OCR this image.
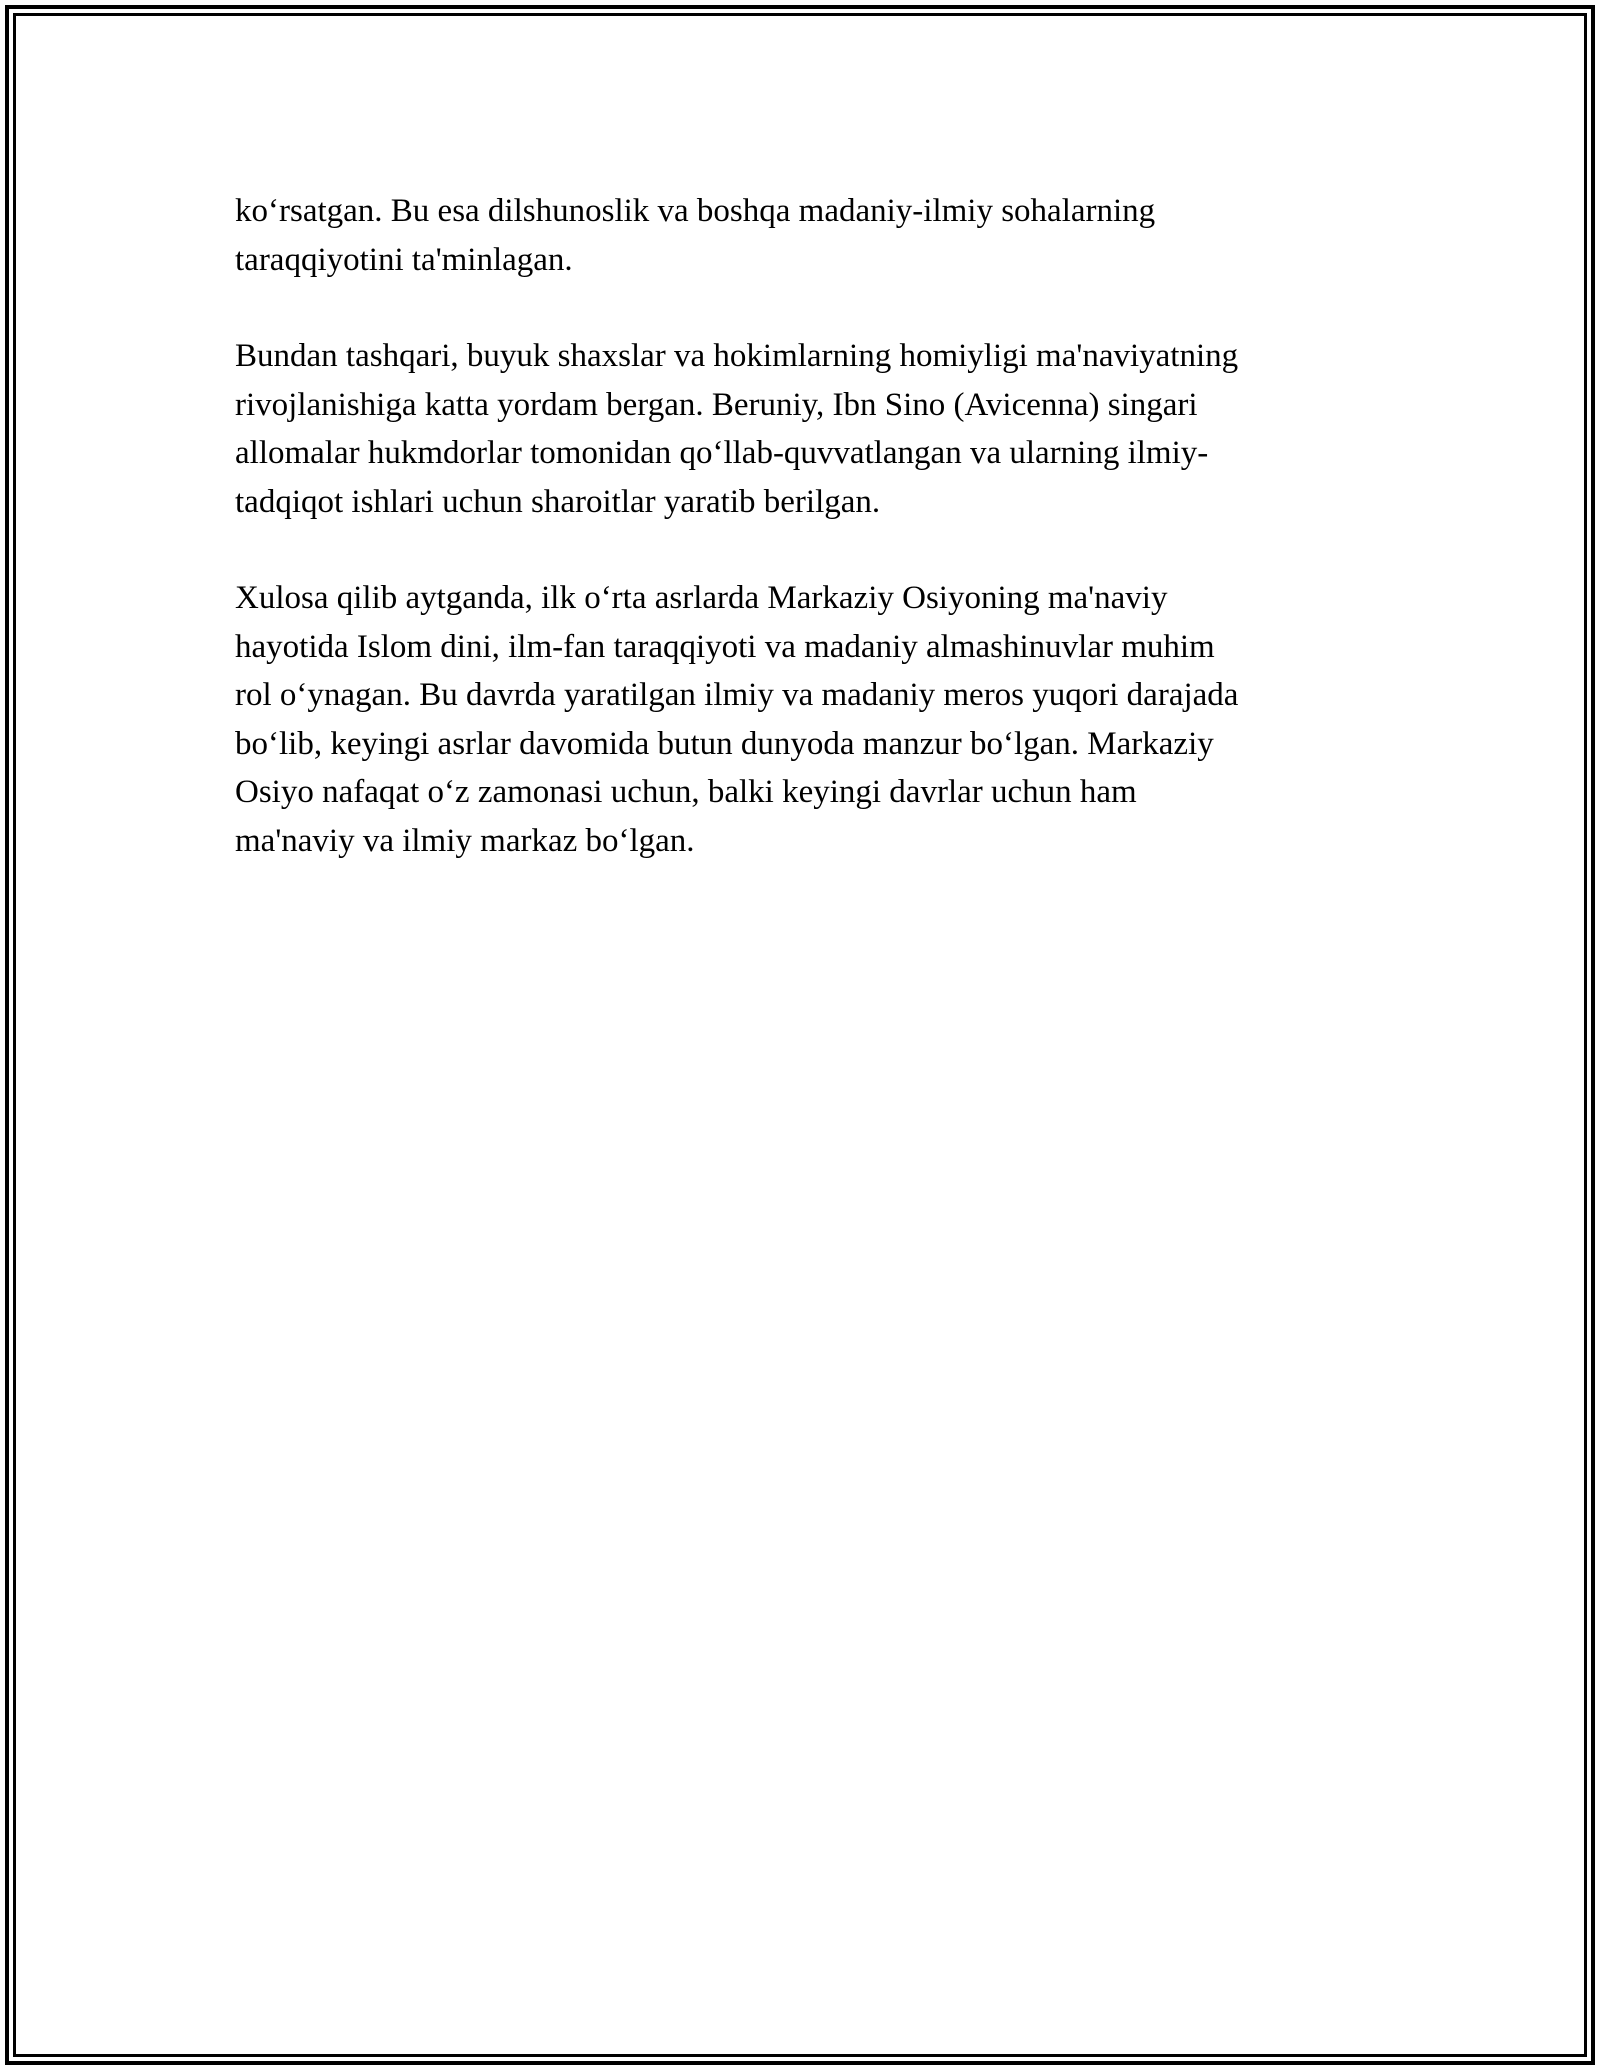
ko‘rsatgan. Bu esa dilshunoslik va boshqa madaniy-ilmiy sohalarning
taraqqiyotini ta'minlagan.

Bundan tashqari, buyuk shaxslar va hokimlarning homiyligi ma'naviyatning
rivojlanishiga katta yordam bergan. Beruniy, Ibn Sino (Avicenna) singari
allomalar hukmdorlar tomonidan qo‘llab-quvvatlangan va ularning ilmiy-
tadqiqot ishlari uchun sharoitlar yaratib berilgan.

Xulosa qilib aytganda, ilk o‘rta asrlarda Markaziy Osiyoning ma'naviy
hayotida Islom dini, ilm-fan taraqqiyoti va madaniy almashinuvlar muhim
rol o‘ynagan. Bu davrda yaratilgan ilmiy va madaniy meros yuqori darajada
bo‘lib, keyingi asrlar davomida butun dunyoda manzur bo‘lgan. Markaziy
Osiyo nafaqat o‘z zamonasi uchun, balki keyingi davrlar uchun ham
ma'naviy va ilmiy markaz bo‘lgan.
